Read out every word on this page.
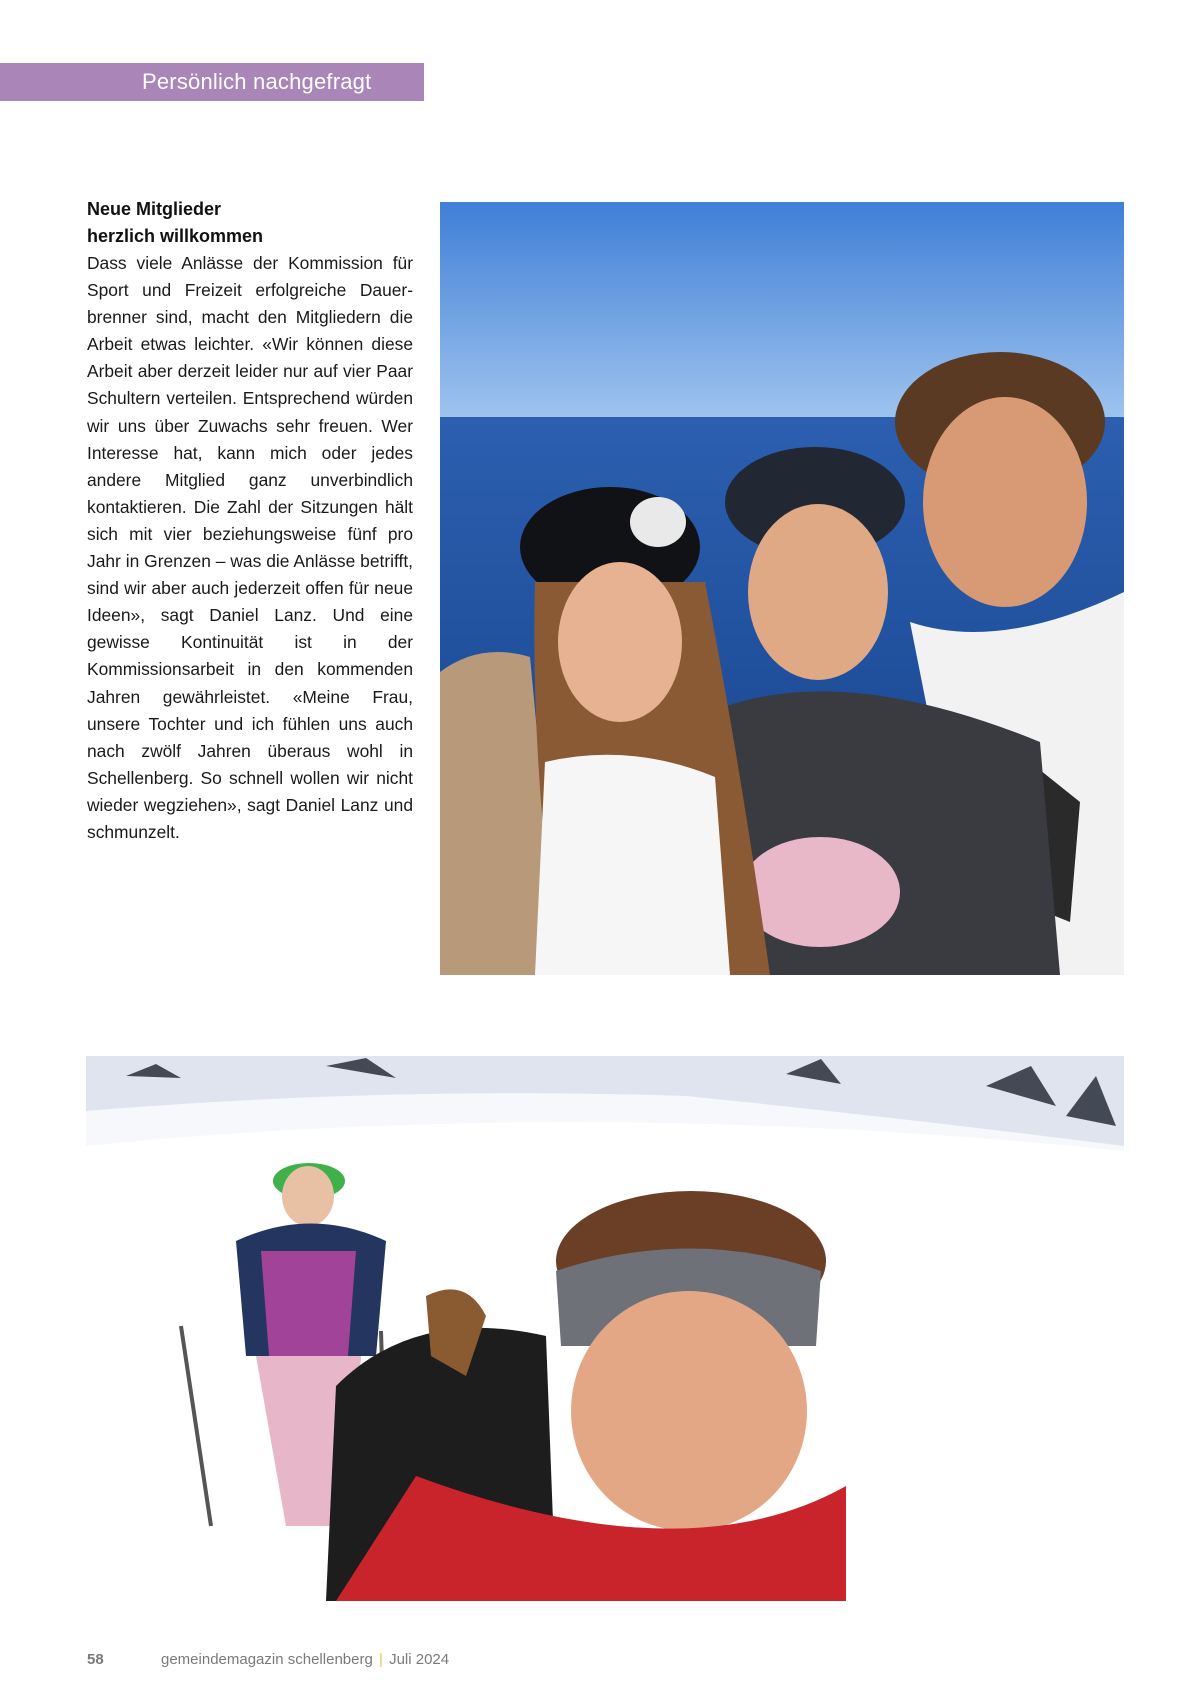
Persönlich nachgefragt

Neue Mitglieder
herzlich willkommen

Dass viele Anlässe der Kommission für Sport und Freizeit erfolgreiche Dauerbrenner sind, macht den Mitgliedern die Arbeit etwas leichter. «Wir können diese Arbeit aber derzeit leider nur auf vier Paar Schultern verteilen. Entsprechend würden wir uns über Zuwachs sehr freuen. Wer Interesse hat, kann mich oder jedes andere Mitglied ganz unverbindlich kontaktieren. Die Zahl der Sitzungen hält sich mit vier beziehungsweise fünf pro Jahr in Grenzen – was die Anlässe betrifft, sind wir aber auch jederzeit offen für neue Ideen», sagt Daniel Lanz. Und eine gewisse Kontinuität ist in der Kommissionsarbeit in den kommenden Jahren gewährleistet. «Meine Frau, unsere Tochter und ich fühlen uns auch nach zwölf Jahren überaus wohl in Schellenberg. So schnell wollen wir nicht wieder wegziehen», sagt Daniel Lanz und schmunzelt.

58	gemeindemagazin schellenberg | Juli 2024
